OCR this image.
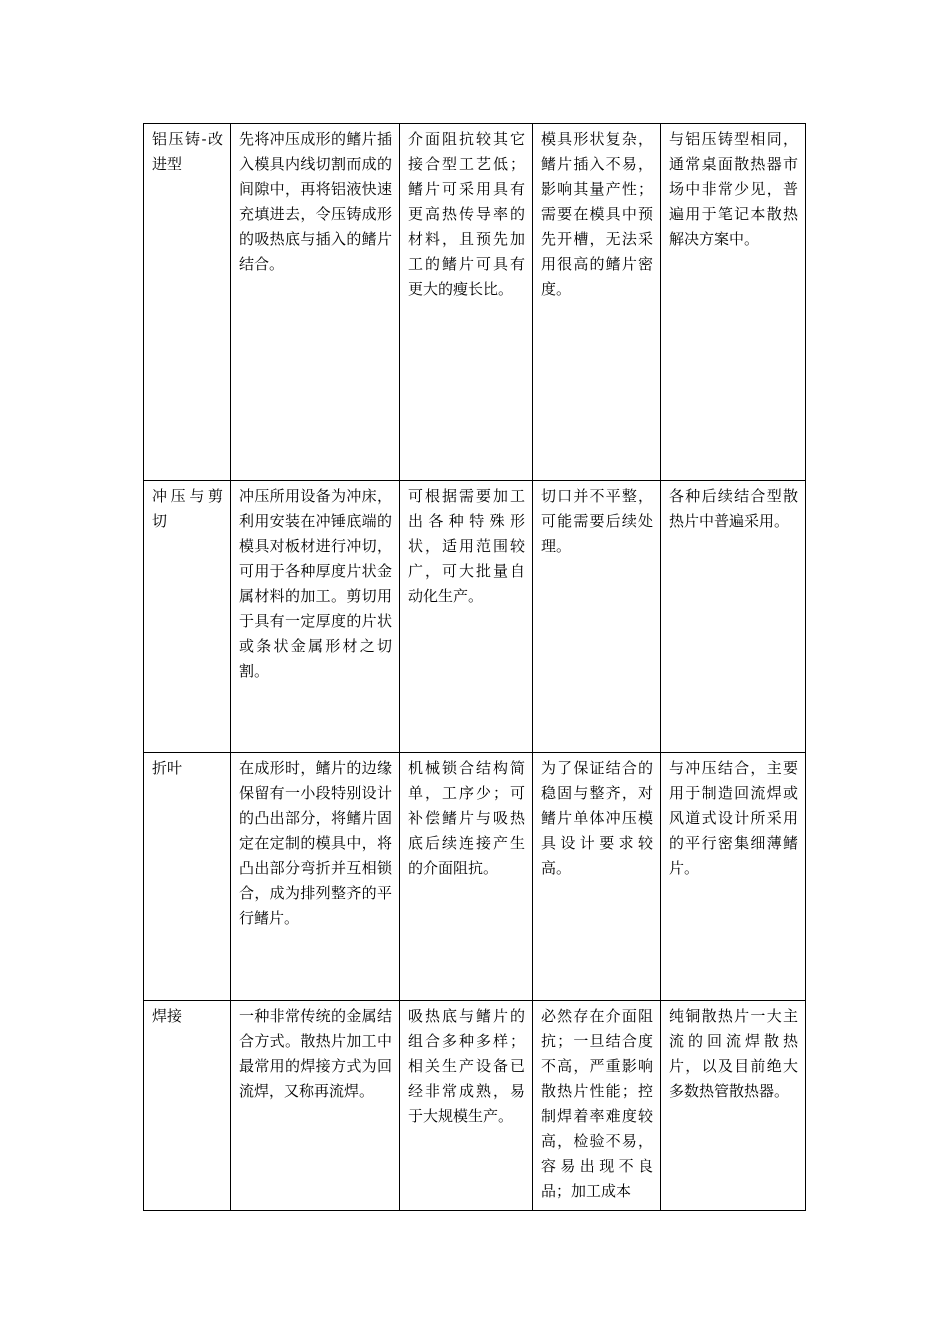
铝压铸-改进型	先将冲压成形的鳍片插入模具内线切割而成的间隙中，再将铝液快速充填进去，令压铸成形的吸热底与插入的鳍片结合。	介面阻抗较其它接合型工艺低；鳍片可采用具有更高热传导率的材料，且预先加工的鳍片可具有更大的瘦长比。	模具形状复杂，鳍片插入不易，影响其量产性；需要在模具中预先开槽，无法采用很高的鳍片密度。	与铝压铸型相同，通常桌面散热器市场中非常少见，普遍用于笔记本散热解决方案中。
冲压与剪切	冲压所用设备为冲床，利用安装在冲锤底端的模具对板材进行冲切，可用于各种厚度片状金属材料的加工。剪切用于具有一定厚度的片状或条状金属形材之切割。	可根据需要加工出各种特殊形状，适用范围较广，可大批量自动化生产。	切口并不平整，可能需要后续处理。	各种后续结合型散热片中普遍采用。
折叶	在成形时，鳍片的边缘保留有一小段特别设计的凸出部分，将鳍片固定在定制的模具中，将凸出部分弯折并互相锁合，成为排列整齐的平行鳍片。	机械锁合结构简单，工序少；可补偿鳍片与吸热底后续连接产生的介面阻抗。	为了保证结合的稳固与整齐，对鳍片单体冲压模具设计要求较高。	与冲压结合，主要用于制造回流焊或风道式设计所采用的平行密集细薄鳍片。
焊接	一种非常传统的金属结合方式。散热片加工中最常用的焊接方式为回流焊，又称再流焊。	吸热底与鳍片的组合多种多样；相关生产设备已经非常成熟，易于大规模生产。	必然存在介面阻抗；一旦结合度不高，严重影响散热片性能；控制焊着率难度较高，检验不易，容易出现不良品；加工成本	纯铜散热片一大主流的回流焊散热片，以及目前绝大多数热管散热器。
